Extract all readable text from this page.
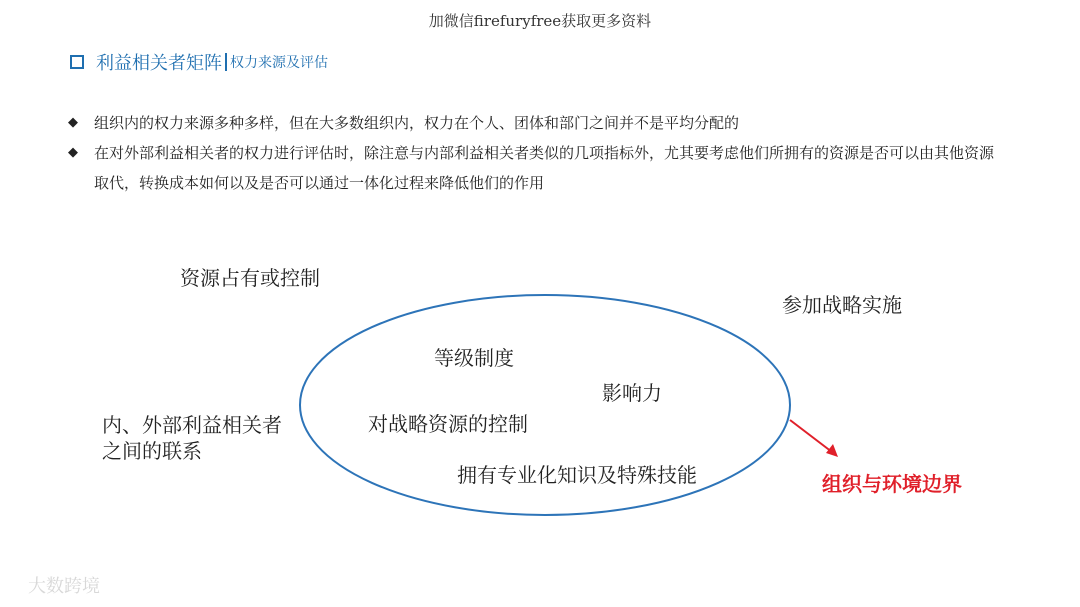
加微信firefuryfree获取更多资料
利益相关者矩阵 权力来源及评估
◆	组织内的权力来源多种多样，但在大多数组织内，权力在个人、团体和部门之间并不是平均分配的
◆	在对外部利益相关者的权力进行评估时，除注意与内部利益相关者类似的几项指标外，尤其要考虑他们所拥有的资源是否可以由其他资源取代，转换成本如何以及是否可以通过一体化过程来降低他们的作用
资源占有或控制
参加战略实施
内、外部利益相关者之间的联系
等级制度
影响力
对战略资源的控制
拥有专业化知识及特殊技能	组织与环境边界
大数跨境
